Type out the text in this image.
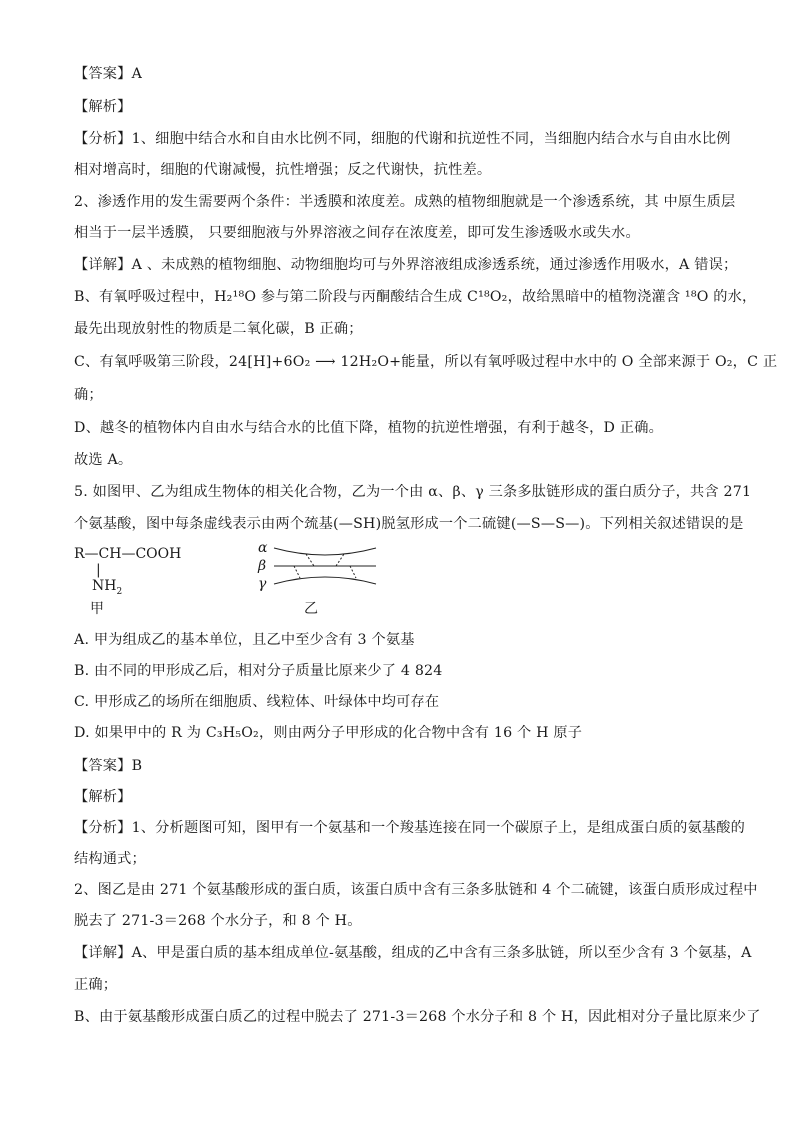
【答案】A
【解析】
【分析】1、细胞中结合水和自由水比例不同，细胞的代谢和抗逆性不同，当细胞内结合水与自由水比例
相对增高时，细胞的代谢减慢，抗性增强；反之代谢快，抗性差。
2、渗透作用的发生需要两个条件：半透膜和浓度差。成熟的植物细胞就是一个渗透系统，其 中原生质层
相当于一层半透膜， 只要细胞液与外界溶液之间存在浓度差，即可发生渗透吸水或失水。
【详解】A 、未成熟的植物细胞、动物细胞均可与外界溶液组成渗透系统，通过渗透作用吸水，A 错误；
B、有氧呼吸过程中，H₂¹⁸O 参与第二阶段与丙酮酸结合生成 C¹⁸O₂，故给黑暗中的植物浇灌含 ¹⁸O 的水，
最先出现放射性的物质是二氧化碳，B 正确；
C、有氧呼吸第三阶段，24[H]+6O₂ ⟶ 12H₂O+能量，所以有氧呼吸过程中水中的 O 全部来源于 O₂，C 正
确；
D、越冬的植物体内自由水与结合水的比值下降，植物的抗逆性增强，有利于越冬，D 正确。
故选 A。
5. 如图甲、乙为组成生物体的相关化合物，乙为一个由 α、β、γ 三条多肽链形成的蛋白质分子，共含 271
个氨基酸，图中每条虚线表示由两个巯基(—SH)脱氢形成一个二硫键(—S—S—)。下列相关叙述错误的是
R—CH—COOH
|
$NH_2$
甲
α
β
γ
乙
A. 甲为组成乙的基本单位，且乙中至少含有 3 个氨基
B. 由不同的甲形成乙后，相对分子质量比原来少了 4 824
C. 甲形成乙的场所在细胞质、线粒体、叶绿体中均可存在
D. 如果甲中的 R 为 C₃H₅O₂，则由两分子甲形成的化合物中含有 16 个 H 原子
【答案】B
【解析】
【分析】1、分析题图可知，图甲有一个氨基和一个羧基连接在同一个碳原子上，是组成蛋白质的氨基酸的
结构通式；
2、图乙是由 271 个氨基酸形成的蛋白质，该蛋白质中含有三条多肽链和 4 个二硫键，该蛋白质形成过程中
脱去了 271-3＝268 个水分子，和 8 个 H。
【详解】A、甲是蛋白质的基本组成单位-氨基酸，组成的乙中含有三条多肽链，所以至少含有 3 个氨基，A
正确；
B、由于氨基酸形成蛋白质乙的过程中脱去了 271-3＝268 个水分子和 8 个 H，因此相对分子量比原来少了
